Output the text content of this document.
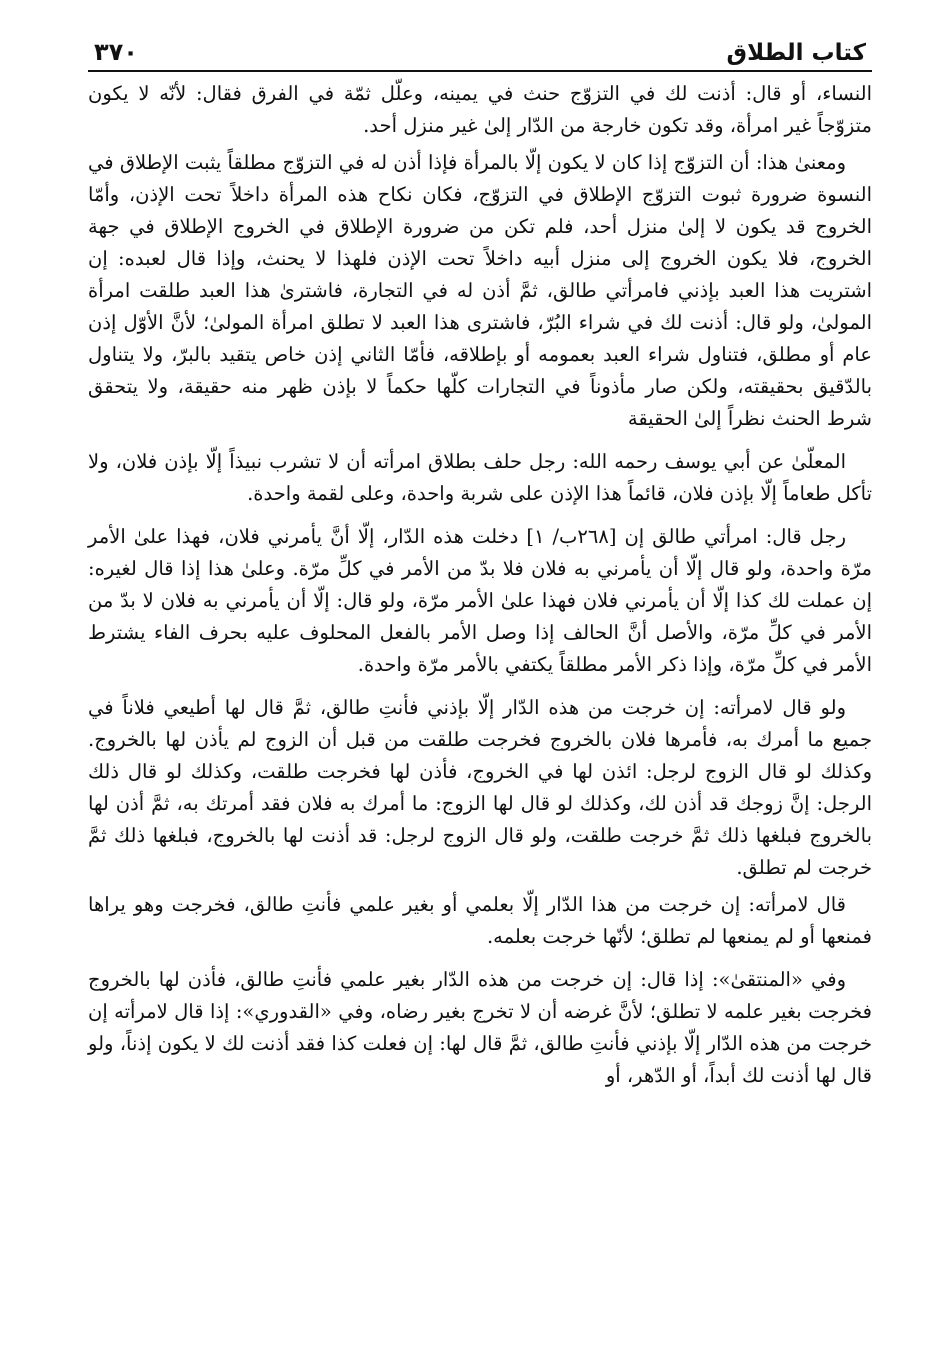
كتاب الطلاق
٣٧٠

النساء، أو قال: أذنت لك في التزوّج حنث في يمينه، وعلّل ثمّة في الفرق فقال: لأنّه لا يكون متزوّجاً غير امرأة، وقد تكون خارجة من الدّار إلىٰ غير منزل أحد.

ومعنىٰ هذا: أن التزوّج إذا كان لا يكون إلّا بالمرأة فإذا أذن له في التزوّج مطلقاً يثبت الإطلاق في النسوة ضرورة ثبوت التزوّج الإطلاق في التزوّج، فكان نكاح هذه المرأة داخلاً تحت الإذن، وأمّا الخروج قد يكون لا إلىٰ منزل أحد، فلم تكن من ضرورة الإطلاق في الخروج الإطلاق في جهة الخروج، فلا يكون الخروج إلى منزل أبيه داخلاً تحت الإذن فلهذا لا يحنث، وإذا قال لعبده: إن اشتريت هذا العبد بإذني فامرأتي طالق، ثمَّ أذن له في التجارة، فاشترىٰ هذا العبد طلقت امرأة المولىٰ، ولو قال: أذنت لك في شراء البُرّ، فاشترى هذا العبد لا تطلق امرأة المولىٰ؛ لأنَّ الأوّل إذن عام أو مطلق، فتناول شراء العبد بعمومه أو بإطلاقه، فأمّا الثاني إذن خاص يتقيد بالبرّ، ولا يتناول بالدّقيق بحقيقته، ولكن صار مأذوناً في التجارات كلّها حكماً لا بإذن ظهر منه حقيقة، ولا يتحقق شرط الحنث نظراً إلىٰ الحقيقة

المعلّىٰ عن أبي يوسف رحمه الله: رجل حلف بطلاق امرأته أن لا تشرب نبيذاً إلّا بإذن فلان، ولا تأكل طعاماً إلّا بإذن فلان، قائماً هذا الإذن على شربة واحدة، وعلى لقمة واحدة.

رجل قال: امرأتي طالق إن [٢٦٨ب/ ١] دخلت هذه الدّار، إلّا أنَّ يأمرني فلان، فهذا علىٰ الأمر مرّة واحدة، ولو قال إلّا أن يأمرني به فلان فلا بدّ من الأمر في كلِّ مرّة. وعلىٰ هذا إذا قال لغيره: إن عملت لك كذا إلّا أن يأمرني فلان فهذا علىٰ الأمر مرّة، ولو قال: إلّا أن يأمرني به فلان لا بدّ من الأمر في كلِّ مرّة، والأصل أنَّ الحالف إذا وصل الأمر بالفعل المحلوف عليه بحرف الفاء يشترط الأمر في كلِّ مرّة، وإذا ذكر الأمر مطلقاً يكتفي بالأمر مرّة واحدة.

ولو قال لامرأته: إن خرجت من هذه الدّار إلّا بإذني فأنتِ طالق، ثمَّ قال لها أطيعي فلاناً في جميع ما أمرك به، فأمرها فلان بالخروج فخرجت طلقت من قبل أن الزوج لم يأذن لها بالخروج. وكذلك لو قال الزوج لرجل: ائذن لها في الخروج، فأذن لها فخرجت طلقت، وكذلك لو قال ذلك الرجل: إنَّ زوجك قد أذن لك، وكذلك لو قال لها الزوج: ما أمرك به فلان فقد أمرتك به، ثمَّ أذن لها بالخروج فبلغها ذلك ثمَّ خرجت طلقت، ولو قال الزوج لرجل: قد أذنت لها بالخروج، فبلغها ذلك ثمَّ خرجت لم تطلق.

قال لامرأته: إن خرجت من هذا الدّار إلّا بعلمي أو بغير علمي فأنتِ طالق، فخرجت وهو يراها فمنعها أو لم يمنعها لم تطلق؛ لأنّها خرجت بعلمه.

وفي «المنتقىٰ»: إذا قال: إن خرجت من هذه الدّار بغير علمي فأنتِ طالق، فأذن لها بالخروج فخرجت بغير علمه لا تطلق؛ لأنَّ غرضه أن لا تخرج بغير رضاه، وفي «القدوري»: إذا قال لامرأته إن خرجت من هذه الدّار إلّا بإذني فأنتِ طالق، ثمَّ قال لها: إن فعلت كذا فقد أذنت لك لا يكون إذناً، ولو قال لها أذنت لك أبداً، أو الدّهر، أو
